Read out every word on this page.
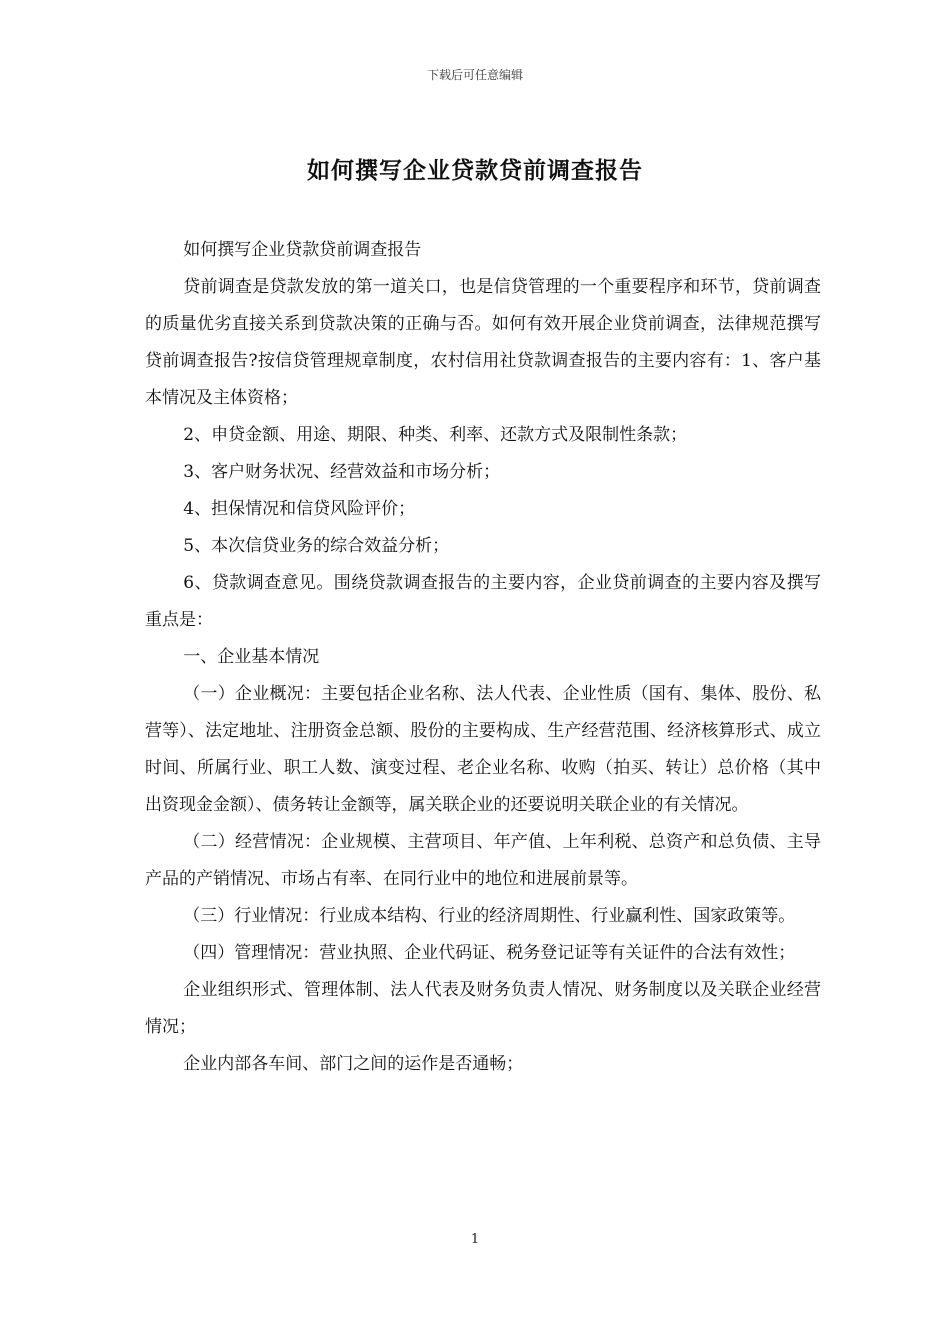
下载后可任意编辑
如何撰写企业贷款贷前调查报告

如何撰写企业贷款贷前调查报告

贷前调查是贷款发放的第一道关口，也是信贷管理的一个重要程序和环节，贷前调查的质量优劣直接关系到贷款决策的正确与否。如何有效开展企业贷前调查，法律规范撰写贷前调查报告?按信贷管理规章制度，农村信用社贷款调查报告的主要内容有：1、客户基本情况及主体资格；

2、申贷金额、用途、期限、种类、利率、还款方式及限制性条款；

3、客户财务状况、经营效益和市场分析；

4、担保情况和信贷风险评价；

5、本次信贷业务的综合效益分析；

6、贷款调查意见。围绕贷款调查报告的主要内容，企业贷前调查的主要内容及撰写重点是：

一、企业基本情况

（一）企业概况：主要包括企业名称、法人代表、企业性质（国有、集体、股份、私营等）、法定地址、注册资金总额、股份的主要构成、生产经营范围、经济核算形式、成立时间、所属行业、职工人数、演变过程、老企业名称、收购（拍买、转让）总价格（其中出资现金金额）、债务转让金额等，属关联企业的还要说明关联企业的有关情况。

（二）经营情况：企业规模、主营项目、年产值、上年利税、总资产和总负债、主导产品的产销情况、市场占有率、在同行业中的地位和进展前景等。

（三）行业情况：行业成本结构、行业的经济周期性、行业赢利性、国家政策等。

（四）管理情况：营业执照、企业代码证、税务登记证等有关证件的合法有效性；

企业组织形式、管理体制、法人代表及财务负责人情况、财务制度以及关联企业经营情况；

企业内部各车间、部门之间的运作是否通畅；

1
